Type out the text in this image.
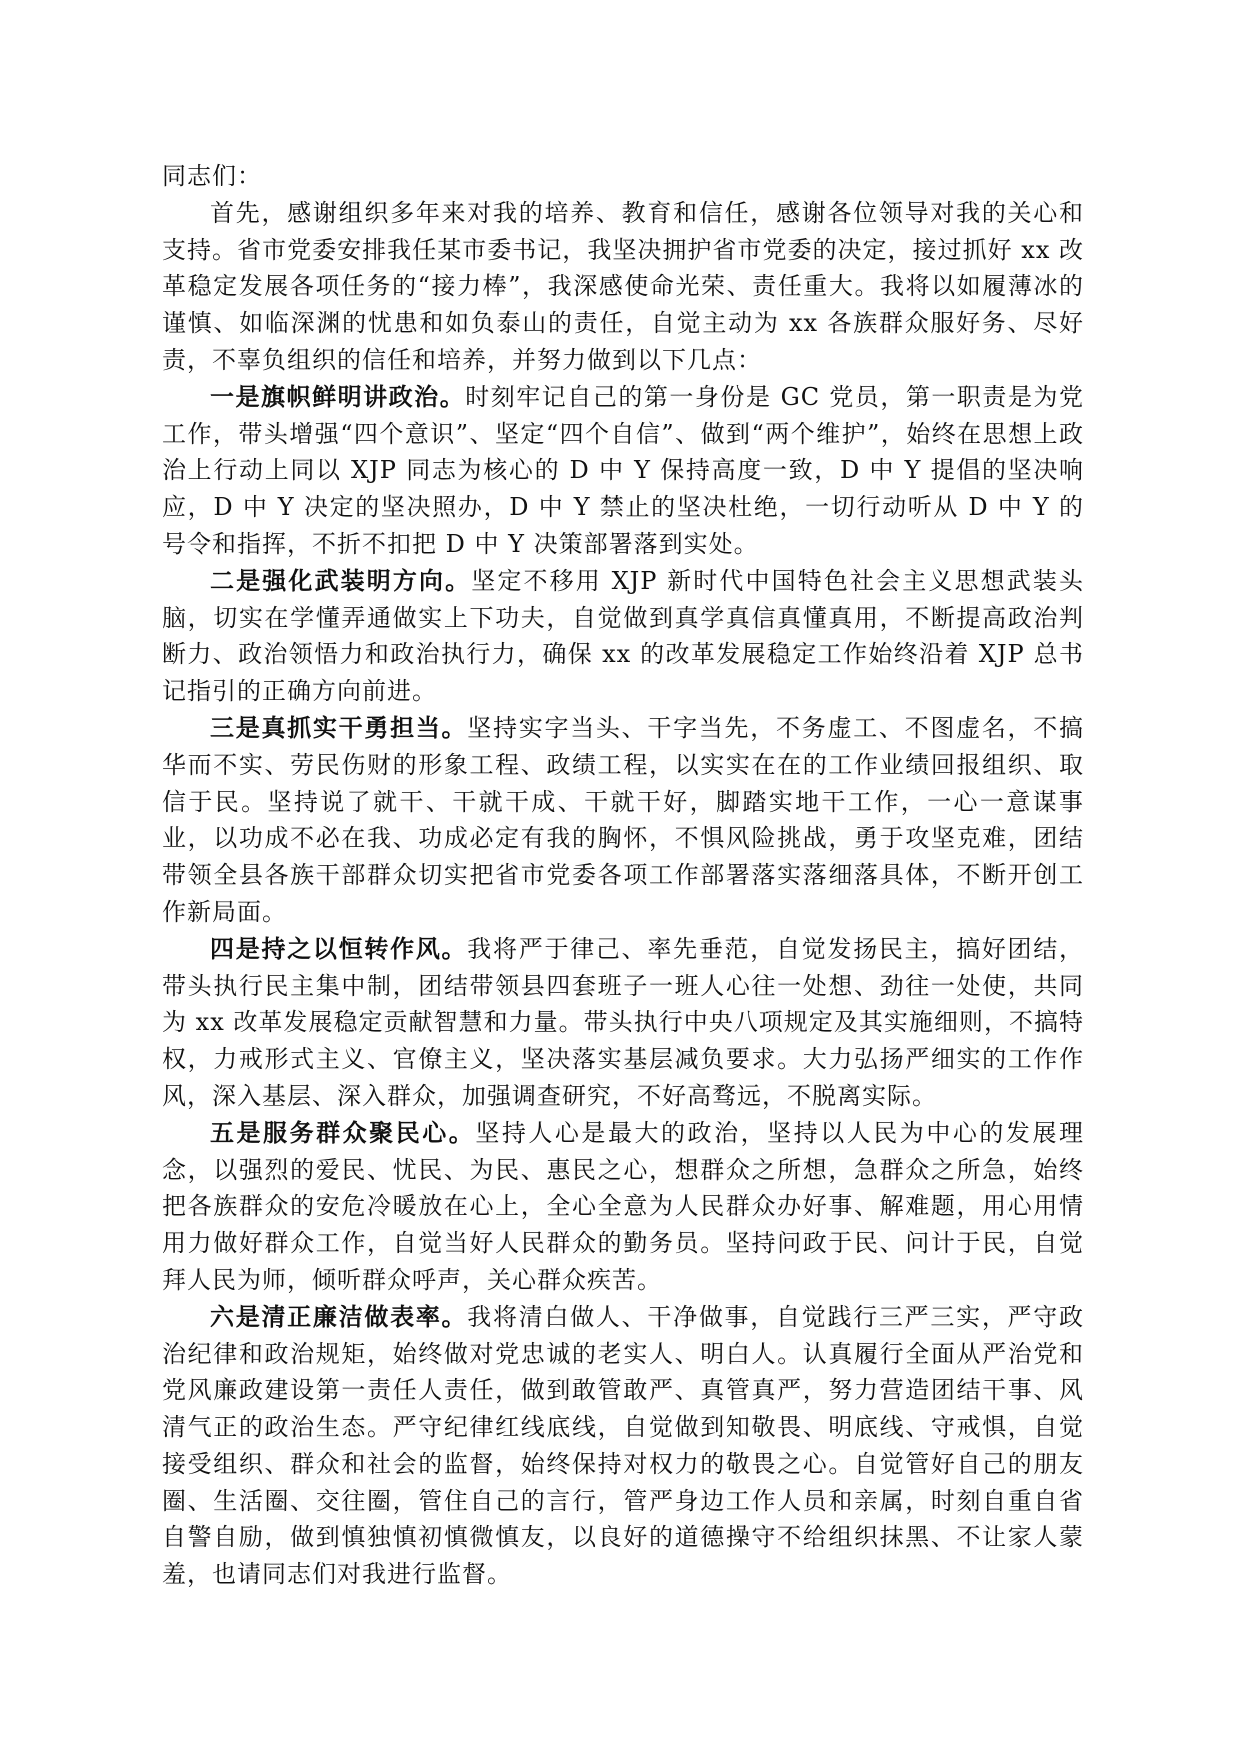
同志们：

首先，感谢组织多年来对我的培养、教育和信任，感谢各位领导对我的关心和支持。省市党委安排我任某市委书记，我坚决拥护省市党委的决定，接过抓好 xx 改革稳定发展各项任务的“接力棒”，我深感使命光荣、责任重大。我将以如履薄冰的谨慎、如临深渊的忧患和如负泰山的责任，自觉主动为 xx 各族群众服好务、尽好责，不辜负组织的信任和培养，并努力做到以下几点：

一是旗帜鲜明讲政治。时刻牢记自己的第一身份是 GC 党员，第一职责是为党工作，带头增强“四个意识”、坚定“四个自信”、做到“两个维护”，始终在思想上政治上行动上同以 XJP 同志为核心的 D 中 Y 保持高度一致，D 中 Y 提倡的坚决响应，D 中 Y 决定的坚决照办，D 中 Y 禁止的坚决杜绝，一切行动听从 D 中 Y 的号令和指挥，不折不扣把 D 中 Y 决策部署落到实处。

二是强化武装明方向。坚定不移用 XJP 新时代中国特色社会主义思想武装头脑，切实在学懂弄通做实上下功夫，自觉做到真学真信真懂真用，不断提高政治判断力、政治领悟力和政治执行力，确保 xx 的改革发展稳定工作始终沿着 XJP 总书记指引的正确方向前进。

三是真抓实干勇担当。坚持实字当头、干字当先，不务虚工、不图虚名，不搞华而不实、劳民伤财的形象工程、政绩工程，以实实在在的工作业绩回报组织、取信于民。坚持说了就干、干就干成、干就干好，脚踏实地干工作，一心一意谋事业，以功成不必在我、功成必定有我的胸怀，不惧风险挑战，勇于攻坚克难，团结带领全县各族干部群众切实把省市党委各项工作部署落实落细落具体，不断开创工作新局面。

四是持之以恒转作风。我将严于律己、率先垂范，自觉发扬民主，搞好团结，带头执行民主集中制，团结带领县四套班子一班人心往一处想、劲往一处使，共同为 xx 改革发展稳定贡献智慧和力量。带头执行中央八项规定及其实施细则，不搞特权，力戒形式主义、官僚主义，坚决落实基层减负要求。大力弘扬严细实的工作作风，深入基层、深入群众，加强调查研究，不好高骛远，不脱离实际。

五是服务群众聚民心。坚持人心是最大的政治，坚持以人民为中心的发展理念，以强烈的爱民、忧民、为民、惠民之心，想群众之所想，急群众之所急，始终把各族群众的安危冷暖放在心上，全心全意为人民群众办好事、解难题，用心用情用力做好群众工作，自觉当好人民群众的勤务员。坚持问政于民、问计于民，自觉拜人民为师，倾听群众呼声，关心群众疾苦。

六是清正廉洁做表率。我将清白做人、干净做事，自觉践行三严三实，严守政治纪律和政治规矩，始终做对党忠诚的老实人、明白人。认真履行全面从严治党和党风廉政建设第一责任人责任，做到敢管敢严、真管真严，努力营造团结干事、风清气正的政治生态。严守纪律红线底线，自觉做到知敬畏、明底线、守戒惧，自觉接受组织、群众和社会的监督，始终保持对权力的敬畏之心。自觉管好自己的朋友圈、生活圈、交往圈，管住自己的言行，管严身边工作人员和亲属，时刻自重自省自警自励，做到慎独慎初慎微慎友，以良好的道德操守不给组织抹黑、不让家人蒙羞，也请同志们对我进行监督。
